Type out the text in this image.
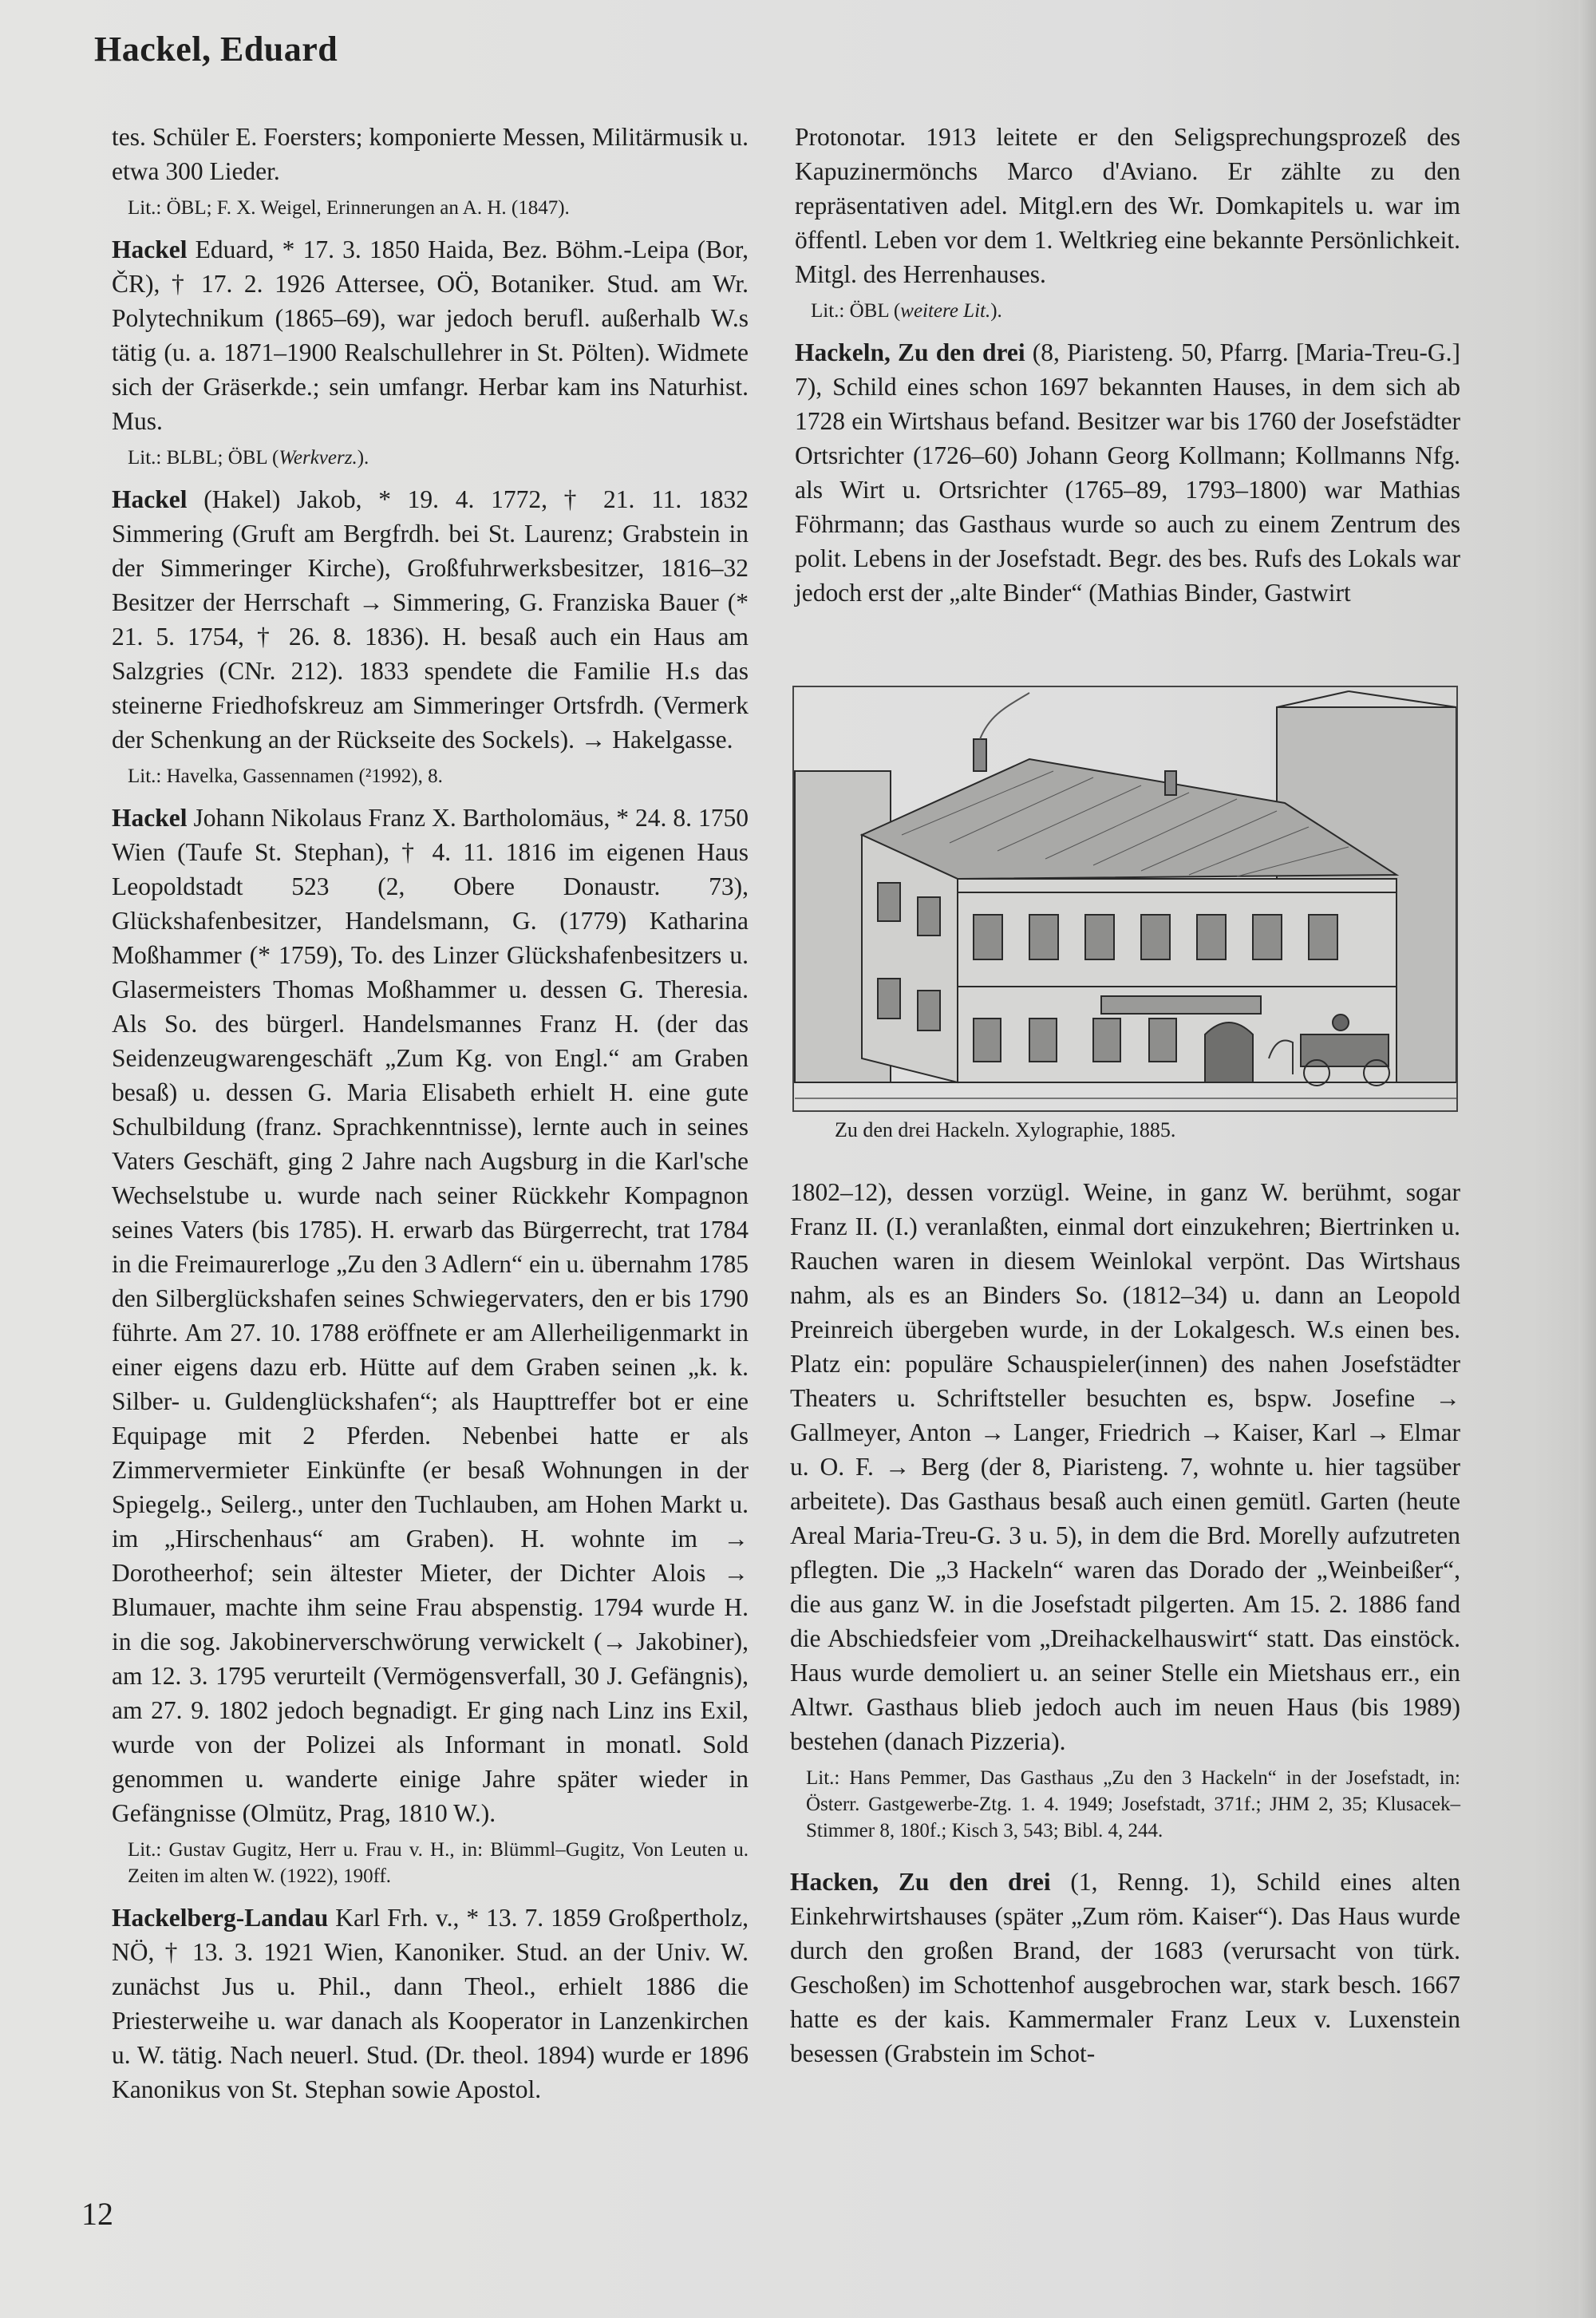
Hackel, Eduard

tes. Schüler E. Foersters; komponierte Messen, Militärmusik u. etwa 300 Lieder.

Lit.: ÖBL; F. X. Weigel, Erinnerungen an A. H. (1847).

Hackel Eduard, * 17. 3. 1850 Haida, Bez. Böhm.-Leipa (Bor, ČR), † 17. 2. 1926 Attersee, OÖ, Botaniker. Stud. am Wr. Polytechnikum (1865–69), war jedoch berufl. außerhalb W.s tätig (u. a. 1871–1900 Realschullehrer in St. Pölten). Widmete sich der Gräserkde.; sein umfangr. Herbar kam ins Naturhist. Mus.

Lit.: BLBL; ÖBL (Werkverz.).

Hackel (Hakel) Jakob, * 19. 4. 1772, † 21. 11. 1832 Simmering (Gruft am Bergfrdh. bei St. Laurenz; Grabstein in der Simmeringer Kirche), Großfuhrwerksbesitzer, 1816–32 Besitzer der Herrschaft → Simmering, G. Franziska Bauer (* 21. 5. 1754, † 26. 8. 1836). H. besaß auch ein Haus am Salzgries (CNr. 212). 1833 spendete die Familie H.s das steinerne Friedhofskreuz am Simmeringer Ortsfrdh. (Vermerk der Schenkung an der Rückseite des Sockels). → Hakelgasse.

Lit.: Havelka, Gassennamen (²1992), 8.

Hackel Johann Nikolaus Franz X. Bartholomäus, * 24. 8. 1750 Wien (Taufe St. Stephan), † 4. 11. 1816 im eigenen Haus Leopoldstadt 523 (2, Obere Donaustr. 73), Glückshafenbesitzer, Handelsmann, G. (1779) Katharina Moßhammer (* 1759), To. des Linzer Glückshafenbesitzers u. Glasermeisters Thomas Moßhammer u. dessen G. Theresia. Als So. des bürgerl. Handelsmannes Franz H. (der das Seidenzeugwarengeschäft „Zum Kg. von Engl.“ am Graben besaß) u. dessen G. Maria Elisabeth erhielt H. eine gute Schulbildung (franz. Sprachkenntnisse), lernte auch in seines Vaters Geschäft, ging 2 Jahre nach Augsburg in die Karl'sche Wechselstube u. wurde nach seiner Rückkehr Kompagnon seines Vaters (bis 1785). H. erwarb das Bürgerrecht, trat 1784 in die Freimaurerloge „Zu den 3 Adlern“ ein u. übernahm 1785 den Silberglückshafen seines Schwiegervaters, den er bis 1790 führte. Am 27. 10. 1788 eröffnete er am Allerheiligenmarkt in einer eigens dazu erb. Hütte auf dem Graben seinen „k. k. Silber- u. Guldenglückshafen“; als Haupttreffer bot er eine Equipage mit 2 Pferden. Nebenbei hatte er als Zimmervermieter Einkünfte (er besaß Wohnungen in der Spiegelg., Seilerg., unter den Tuchlauben, am Hohen Markt u. im „Hirschenhaus“ am Graben). H. wohnte im → Dorotheerhof; sein ältester Mieter, der Dichter Alois → Blumauer, machte ihm seine Frau abspenstig. 1794 wurde H. in die sog. Jakobinerverschwörung verwickelt (→ Jakobiner), am 12. 3. 1795 verurteilt (Vermögensverfall, 30 J. Gefängnis), am 27. 9. 1802 jedoch begnadigt. Er ging nach Linz ins Exil, wurde von der Polizei als Informant in monatl. Sold genommen u. wanderte einige Jahre später wieder in Gefängnisse (Olmütz, Prag, 1810 W.).

Lit.: Gustav Gugitz, Herr u. Frau v. H., in: Blümml–Gugitz, Von Leuten u. Zeiten im alten W. (1922), 190ff.

Hackelberg-Landau Karl Frh. v., * 13. 7. 1859 Großpertholz, NÖ, † 13. 3. 1921 Wien, Kanoniker. Stud. an der Univ. W. zunächst Jus u. Phil., dann Theol., erhielt 1886 die Priesterweihe u. war danach als Kooperator in Lanzenkirchen u. W. tätig. Nach neuerl. Stud. (Dr. theol. 1894) wurde er 1896 Kanonikus von St. Stephan sowie Apostol.

Protonotar. 1913 leitete er den Seligsprechungsprozeß des Kapuzinermönchs Marco d'Aviano. Er zählte zu den repräsentativen adel. Mitgl.ern des Wr. Domkapitels u. war im öffentl. Leben vor dem 1. Weltkrieg eine bekannte Persönlichkeit. Mitgl. des Herrenhauses.

Lit.: ÖBL (weitere Lit.).

Hackeln, Zu den drei (8, Piaristeng. 50, Pfarrg. [Maria-Treu-G.] 7), Schild eines schon 1697 bekannten Hauses, in dem sich ab 1728 ein Wirtshaus befand. Besitzer war bis 1760 der Josefstädter Ortsrichter (1726–60) Johann Georg Kollmann; Kollmanns Nfg. als Wirt u. Ortsrichter (1765–89, 1793–1800) war Mathias Föhrmann; das Gasthaus wurde so auch zu einem Zentrum des polit. Lebens in der Josefstadt. Begr. des bes. Rufs des Lokals war jedoch erst der „alte Binder“ (Mathias Binder, Gastwirt

Zu den drei Hackeln. Xylographie, 1885.

1802–12), dessen vorzügl. Weine, in ganz W. berühmt, sogar Franz II. (I.) veranlaßten, einmal dort einzukehren; Biertrinken u. Rauchen waren in diesem Weinlokal verpönt. Das Wirtshaus nahm, als es an Binders So. (1812–34) u. dann an Leopold Preinreich übergeben wurde, in der Lokalgesch. W.s einen bes. Platz ein: populäre Schauspieler(innen) des nahen Josefstädter Theaters u. Schriftsteller besuchten es, bspw. Josefine → Gallmeyer, Anton → Langer, Friedrich → Kaiser, Karl → Elmar u. O. F. → Berg (der 8, Piaristeng. 7, wohnte u. hier tagsüber arbeitete). Das Gasthaus besaß auch einen gemütl. Garten (heute Areal Maria-Treu-G. 3 u. 5), in dem die Brd. Morelly aufzutreten pflegten. Die „3 Hackeln“ waren das Dorado der „Weinbeißer“, die aus ganz W. in die Josefstadt pilgerten. Am 15. 2. 1886 fand die Abschiedsfeier vom „Dreihackelhauswirt“ statt. Das einstöck. Haus wurde demoliert u. an seiner Stelle ein Mietshaus err., ein Altwr. Gasthaus blieb jedoch auch im neuen Haus (bis 1989) bestehen (danach Pizzeria).

Lit.: Hans Pemmer, Das Gasthaus „Zu den 3 Hackeln“ in der Josefstadt, in: Österr. Gastgewerbe-Ztg. 1. 4. 1949; Josefstadt, 371f.; JHM 2, 35; Klusacek–Stimmer 8, 180f.; Kisch 3, 543; Bibl. 4, 244.

Hacken, Zu den drei (1, Renng. 1), Schild eines alten Einkehrwirtshauses (später „Zum röm. Kaiser“). Das Haus wurde durch den großen Brand, der 1683 (verursacht von türk. Geschoßen) im Schottenhof ausgebrochen war, stark besch. 1667 hatte es der kais. Kammermaler Franz Leux v. Luxenstein besessen (Grabstein im Schot-

12
